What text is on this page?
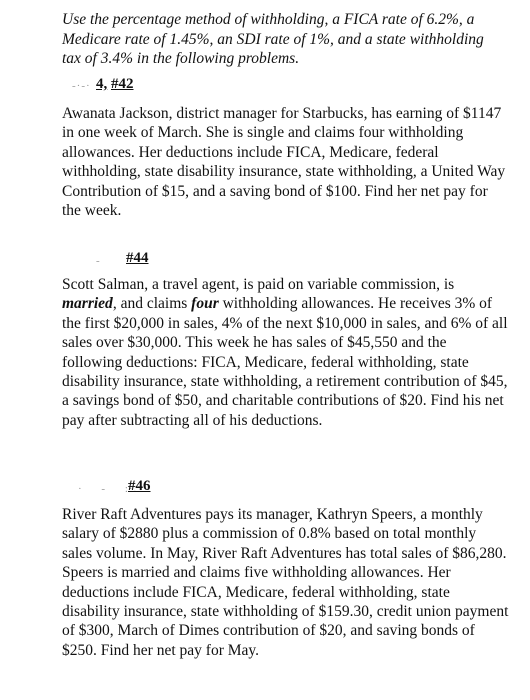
Use the percentage method of withholding, a FICA rate of 6.2%, a Medicare rate of 1.45%, an SDI rate of 1%, and a state withholding tax of 3.4% in the following problems.

-·-· 4, #42

Awanata Jackson, district manager for Starbucks, has earning of $1147 in one week of March. She is single and claims four withholding allowances. Her deductions include FICA, Medicare, federal withholding, state disability insurance, state withholding, a United Way Contribution of $15, and a saving bond of $100. Find her net pay for the week.

- #44

Scott Salman, a travel agent, is paid on variable commission, is married, and claims four withholding allowances. He receives 3% of the first $20,000 in sales, 4% of the next $10,000 in sales, and 6% of all sales over $30,000. This week he has sales of $45,550 and the following deductions: FICA, Medicare, federal withholding, state disability insurance, state withholding, a retirement contribution of $45, a savings bond of $50, and charitable contributions of $20. Find his net pay after subtracting all of his deductions.

·     -     :·.

#46

River Raft Adventures pays its manager, Kathryn Speers, a monthly salary of $2880 plus a commission of 0.8% based on total monthly sales volume. In May, River Raft Adventures has total sales of $86,280. Speers is married and claims five withholding allowances. Her deductions include FICA, Medicare, federal withholding, state disability insurance, state withholding of $159.30, credit union payment of $300, March of Dimes contribution of $20, and saving bonds of $250. Find her net pay for May.
